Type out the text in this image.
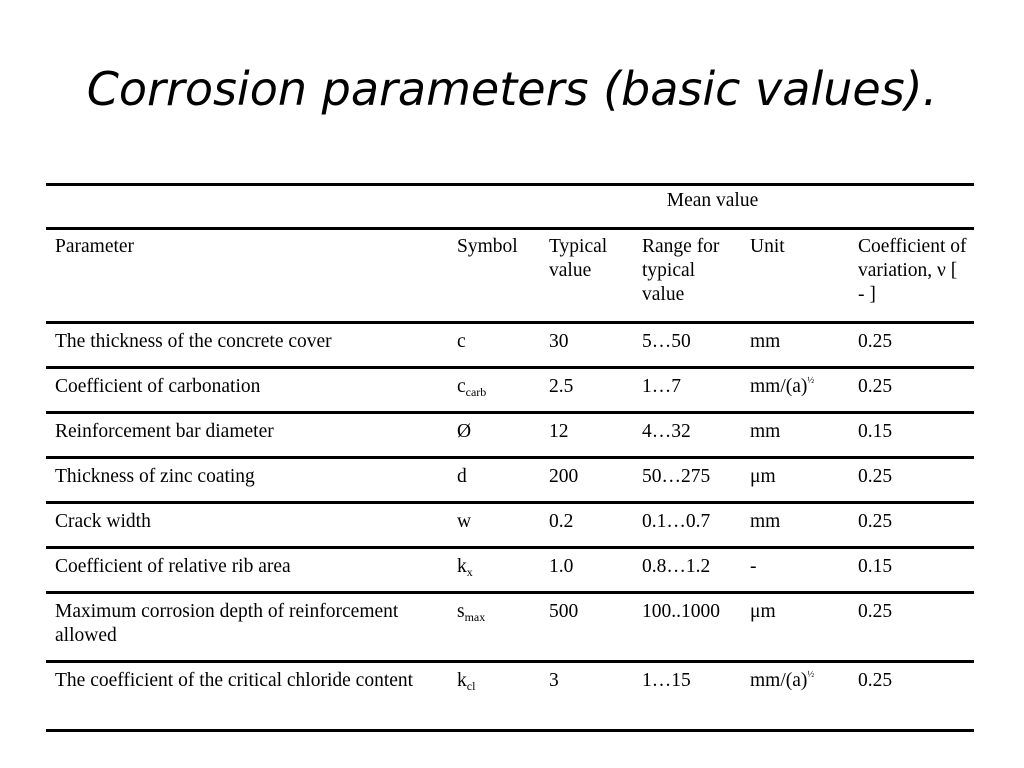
Corrosion parameters (basic values).
	Mean value				
Parameter	Symbol	Typical value	Range for typical value	Unit	Coefficient of variation, ν [ - ]
The thickness of the concrete cover	c	30	5…50	mm	0.25
Coefficient of carbonation	$c_{carb}$	2.5	1…7	$mm/(a)^{\frac{1}{2}}$	0.25
Reinforcement bar diameter	Ø	12	4…32	mm	0.15
Thickness of zinc coating	d	200	50…275	μm	0.25
Crack width	w	0.2	0.1…0.7	mm	0.25
Coefficient of relative rib area	$k_x$	1.0	0.8…1.2	-	0.15
Maximum corrosion depth of reinforcement allowed	$s_{max}$	500	100..1000	μm	0.25
The coefficient of the critical chloride content	$k_{cl}$	3	1…15	$mm/(a)^{\frac{1}{2}}$	0.25
